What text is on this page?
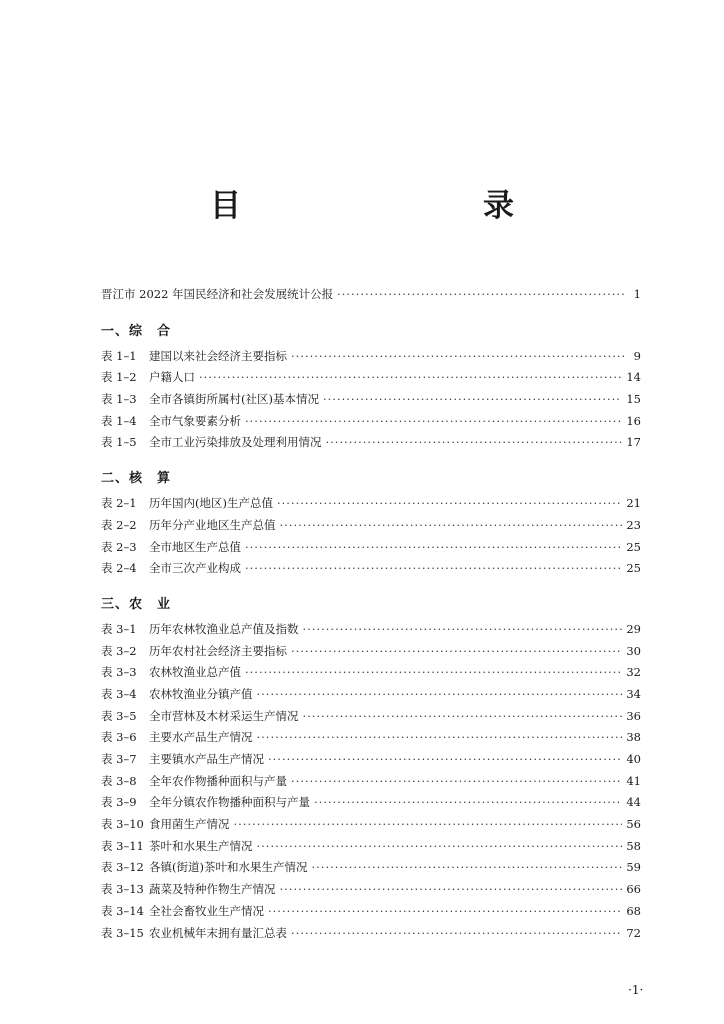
目　　录
晋江市 2022 年国民经济和社会发展统计公报 ·····	1
一、综　合
表 1–1	建国以来社会经济主要指标 ·····	9
表 1–2	户籍人口 ·····	14
表 1–3	全市各镇街所属村(社区)基本情况 ·····	15
表 1–4	全市气象要素分析 ·····	16
表 1–5	全市工业污染排放及处理利用情况 ·····	17
二、核　算
表 2–1	历年国内(地区)生产总值 ·····	21
表 2–2	历年分产业地区生产总值 ·····	23
表 2–3	全市地区生产总值 ·····	25
表 2–4	全市三次产业构成 ·····	25
三、农　业
表 3–1	历年农林牧渔业总产值及指数 ·····	29
表 3–2	历年农村社会经济主要指标 ·····	30
表 3–3	农林牧渔业总产值 ·····	32
表 3–4	农林牧渔业分镇产值 ·····	34
表 3–5	全市营林及木材采运生产情况 ·····	36
表 3–6	主要水产品生产情况 ·····	38
表 3–7	主要镇水产品生产情况 ·····	40
表 3–8	全年农作物播种面积与产量 ·····	41
表 3–9	全年分镇农作物播种面积与产量 ·····	44
表 3–10 食用菌生产情况 ·····	56
表 3–11 茶叶和水果生产情况 ·····	58
表 3–12 各镇(街道)茶叶和水果生产情况 ·····	59
表 3–13 蔬菜及特种作物生产情况 ·····	66
表 3–14 全社会畜牧业生产情况 ·····	68
表 3–15 农业机械年末拥有量汇总表 ·····	72
·1·
